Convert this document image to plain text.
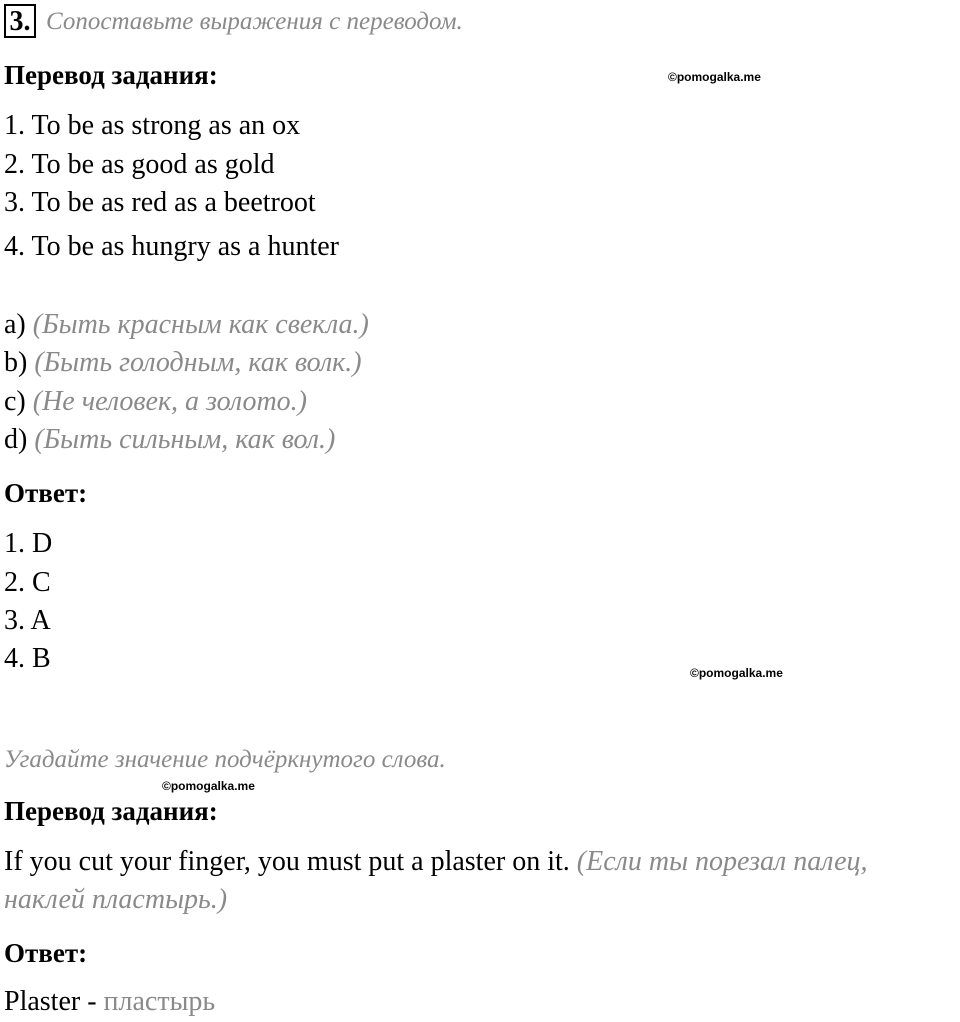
3. Сопоставьте выражения с переводом.
Перевод задания:	©pomogalka.me
1. To be as strong as an ox
2. To be as good as gold
3. To be as red as a beetroot
4. To be as hungry as a hunter
a) (Быть красным как свекла.)
b) (Быть голодным, как волк.)
c) (Не человек, а золото.)
d) (Быть сильным, как вол.)
Ответ:
1. D
2. C
3. A
4. B	©pomogalka.me
Угадайте значение подчёркнутого слова.
©pomogalka.me
Перевод задания:
If you cut your finger, you must put a plaster on it. (Если ты порезал палец,
наклей пластырь.)
Ответ:
Plaster - пластырь
